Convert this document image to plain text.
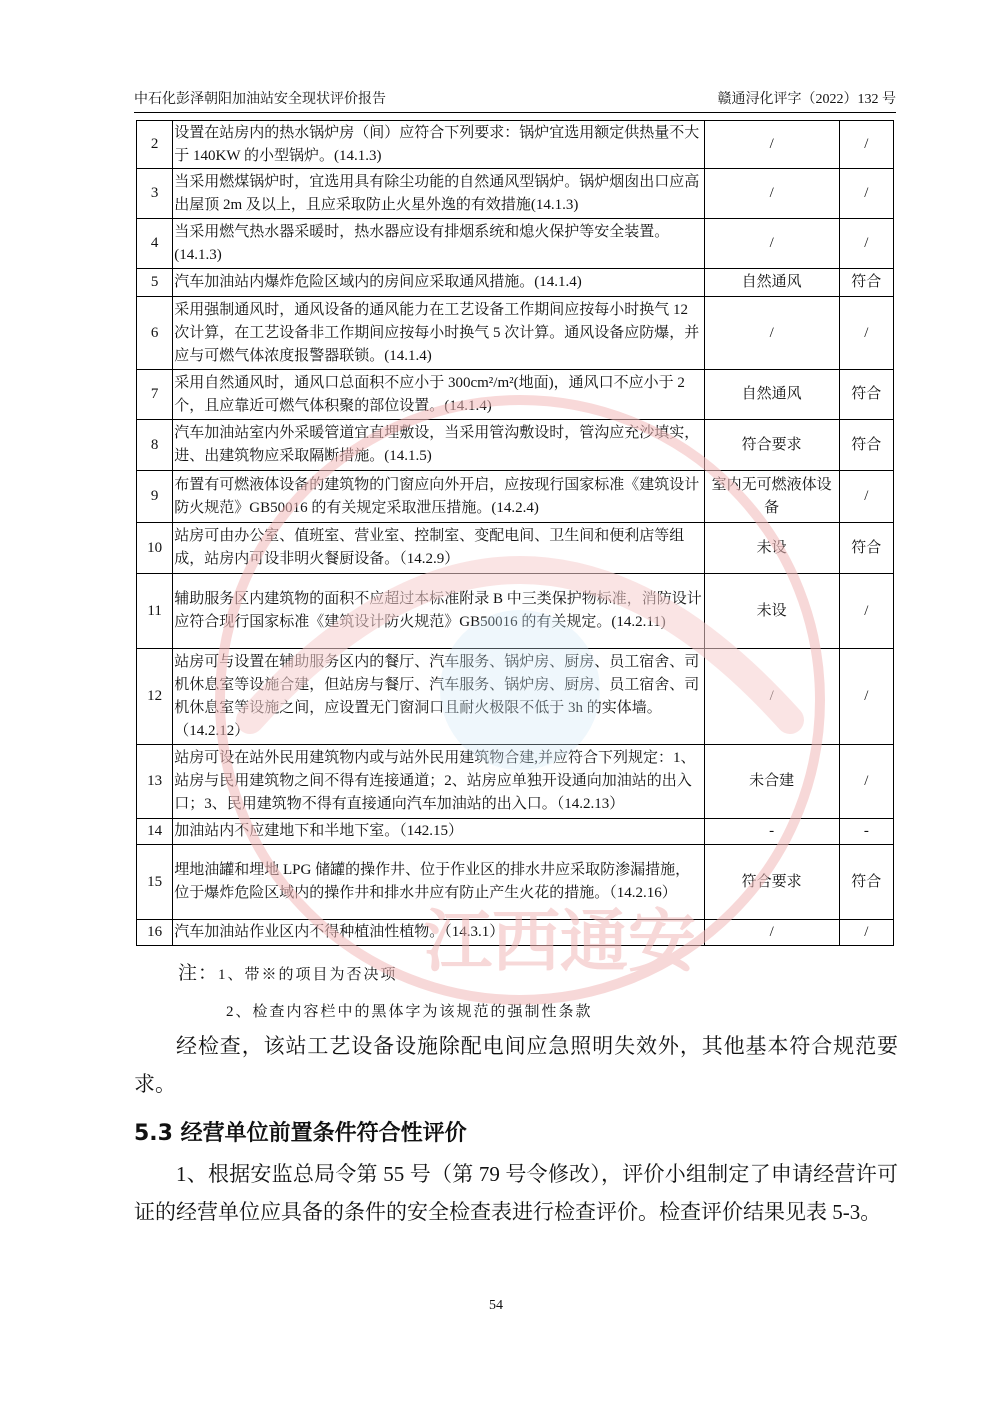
中石化彭泽朝阳加油站安全现状评价报告	赣通浔化评字（2022）132 号
2	设置在站房内的热水锅炉房（间）应符合下列要求：锅炉宜选用额定供热量不大于 140KW 的小型锅炉。(14.1.3)	/	/
3	当采用燃煤锅炉时，宜选用具有除尘功能的自然通风型锅炉。锅炉烟囱出口应高出屋顶 2m 及以上，且应采取防止火星外逸的有效措施(14.1.3)	/	/
4	当采用燃气热水器采暖时，热水器应设有排烟系统和熄火保护等安全装置。(14.1.3)	/	/
5	汽车加油站内爆炸危险区域内的房间应采取通风措施。(14.1.4)	自然通风	符合
6	采用强制通风时，通风设备的通风能力在工艺设备工作期间应按每小时换气 12 次计算，在工艺设备非工作期间应按每小时换气 5 次计算。通风设备应防爆，并应与可燃气体浓度报警器联锁。(14.1.4)	/	/
7	采用自然通风时，通风口总面积不应小于 300cm²/m²(地面)，通风口不应小于 2 个，且应靠近可燃气体积聚的部位设置。(14.1.4)	自然通风	符合
8	汽车加油站室内外采暖管道宜直埋敷设，当采用管沟敷设时，管沟应充沙填实，进、出建筑物应采取隔断措施。(14.1.5)	符合要求	符合
9	布置有可燃液体设备的建筑物的门窗应向外开启，应按现行国家标准《建筑设计防火规范》GB50016 的有关规定采取泄压措施。(14.2.4)	室内无可燃液体设备	/
10	站房可由办公室、值班室、营业室、控制室、变配电间、卫生间和便利店等组成，站房内可设非明火餐厨设备。（14.2.9）	未设	符合
11	辅助服务区内建筑物的面积不应超过本标准附录 B 中三类保护物标准，消防设计应符合现行国家标准《建筑设计防火规范》GB50016 的有关规定。(14.2.11)	未设	/
12	站房可与设置在辅助服务区内的餐厅、汽车服务、锅炉房、厨房、员工宿舍、司机休息室等设施合建，但站房与餐厅、汽车服务、锅炉房、厨房、员工宿舍、司机休息室等设施之间，应设置无门窗洞口且耐火极限不低于 3h 的实体墙。（14.2.12）	/	/
13	站房可设在站外民用建筑物内或与站外民用建筑物合建,并应符合下列规定：1、站房与民用建筑物之间不得有连接通道；2、站房应单独开设通向加油站的出入口；3、民用建筑物不得有直接通向汽车加油站的出入口。（14.2.13）	未合建	/
14	加油站内不应建地下和半地下室。（142.15）	-	-
15	埋地油罐和埋地 LPG 储罐的操作井、位于作业区的排水井应采取防渗漏措施，位于爆炸危险区域内的操作井和排水井应有防止产生火花的措施。（14.2.16）	符合要求	符合
16	汽车加油站作业区内不得种植油性植物。（14.3.1）	/	/
注：1、带※的项目为否决项
2、检查内容栏中的黑体字为该规范的强制性条款

经检查，该站工艺设备设施除配电间应急照明失效外，其他基本符合规范要求。

5.3 经营单位前置条件符合性评价

1、根据安监总局令第 55 号（第 79 号令修改），评价小组制定了申请经营许可证的经营单位应具备的条件的安全检查表进行检查评价。检查评价结果见表 5-3。

54
江西通安
